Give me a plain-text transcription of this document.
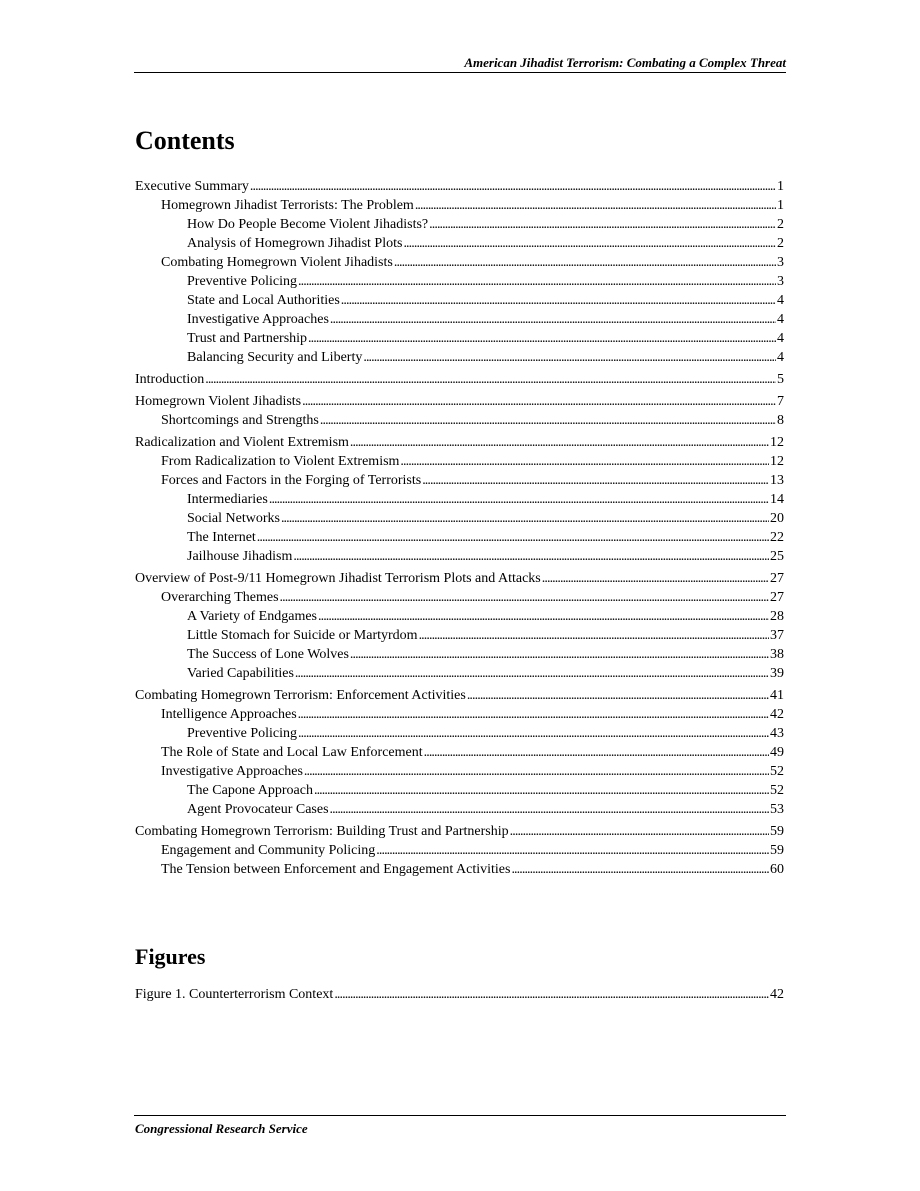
American Jihadist Terrorism: Combating a Complex Threat
Contents
Executive Summary . . .	1
Homegrown Jihadist Terrorists: The Problem . . .	1
How Do People Become Violent Jihadists? . . .	2
Analysis of Homegrown Jihadist Plots . . .	2
Combating Homegrown Violent Jihadists . . .	3
Preventive Policing . . .	3
State and Local Authorities . . .	4
Investigative Approaches . . .	4
Trust and Partnership . . .	4
Balancing Security and Liberty . . .	4
Introduction . . .	5
Homegrown Violent Jihadists . . .	7
Shortcomings and Strengths . . .	8
Radicalization and Violent Extremism . . .	12
From Radicalization to Violent Extremism . . .	12
Forces and Factors in the Forging of Terrorists . . .	13
Intermediaries . . .	14
Social Networks . . .	20
The Internet . . .	22
Jailhouse Jihadism . . .	25
Overview of Post-9/11 Homegrown Jihadist Terrorism Plots and Attacks . . .	27
Overarching Themes . . .	27
A Variety of Endgames . . .	28
Little Stomach for Suicide or Martyrdom . . .	37
The Success of Lone Wolves . . .	38
Varied Capabilities . . .	39
Combating Homegrown Terrorism: Enforcement Activities . . .	41
Intelligence Approaches . . .	42
Preventive Policing . . .	43
The Role of State and Local Law Enforcement . . .	49
Investigative Approaches . . .	52
The Capone Approach . . .	52
Agent Provocateur Cases . . .	53
Combating Homegrown Terrorism: Building Trust and Partnership . . .	59
Engagement and Community Policing . . .	59
The Tension between Enforcement and Engagement Activities . . .	60
Figures
Figure 1. Counterterrorism Context . . .	42
Congressional Research Service
